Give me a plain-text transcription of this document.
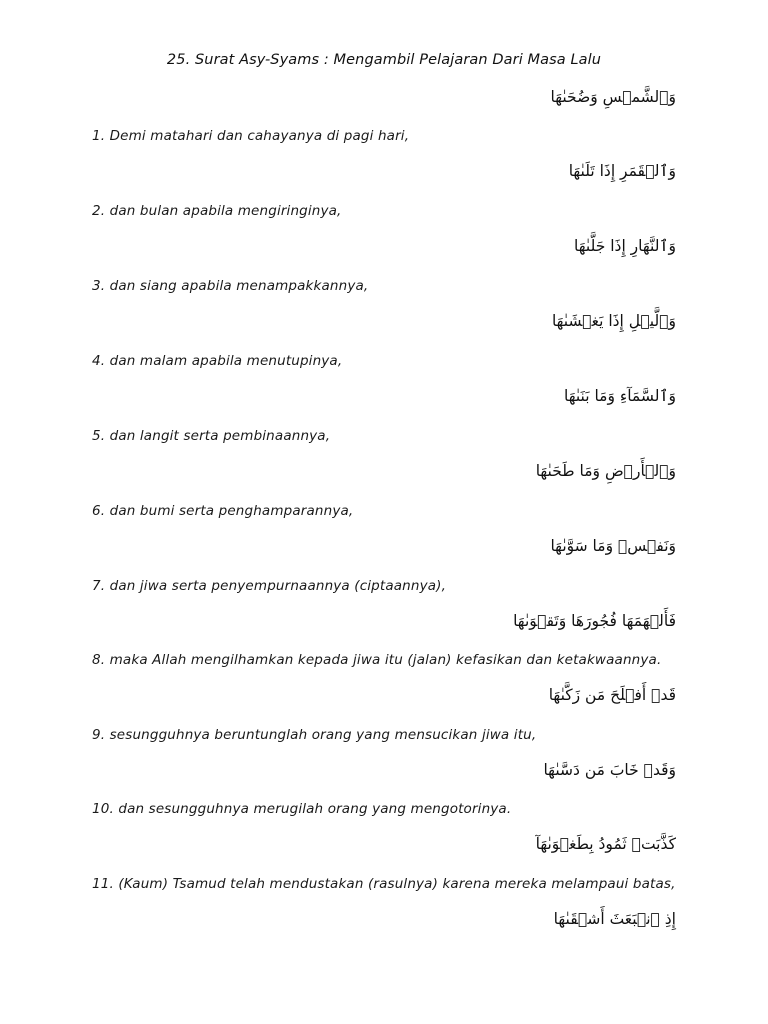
25. Surat Asy-Syams : Mengambil Pelajaran Dari Masa Lalu
وَٱلشَّمۡسِ وَضُحَىٰهَا
1. Demi matahari dan cahayanya di pagi hari,
وَٱلۡقَمَرِ إِذَا تَلَىٰهَا
2. dan bulan apabila mengiringinya,
وَٱلنَّهَارِ إِذَا جَلَّىٰهَا
3. dan siang apabila menampakkannya,
وَٱلَّيۡلِ إِذَا يَغۡشَىٰهَا
4. dan malam apabila menutupinya,
وَٱلسَّمَآءِ وَمَا بَنَىٰهَا
5. dan langit serta pembinaannya,
وَٱلۡأَرۡضِ وَمَا طَحَىٰهَا
6. dan bumi serta penghamparannya,
وَنَفۡسٖ وَمَا سَوَّىٰهَا
7. dan jiwa serta penyempurnaannya (ciptaannya),
فَأَلۡهَمَهَا فُجُورَهَا وَتَقۡوَىٰهَا
8. maka Allah mengilhamkan kepada jiwa itu (jalan) kefasikan dan ketakwaannya.
قَدۡ أَفۡلَحَ مَن زَكَّىٰهَا
9. sesungguhnya beruntunglah orang yang mensucikan jiwa itu,
وَقَدۡ خَابَ مَن دَسَّىٰهَا
10. dan sesungguhnya merugilah orang yang mengotorinya.
كَذَّبَتۡ ثَمُودُ بِطَغۡوَىٰهَآ
11. (Kaum) Tsamud telah mendustakan (rasulnya) karena mereka melampaui batas,
إِذِ ٱنۢبَعَثَ أَشۡقَىٰهَا
